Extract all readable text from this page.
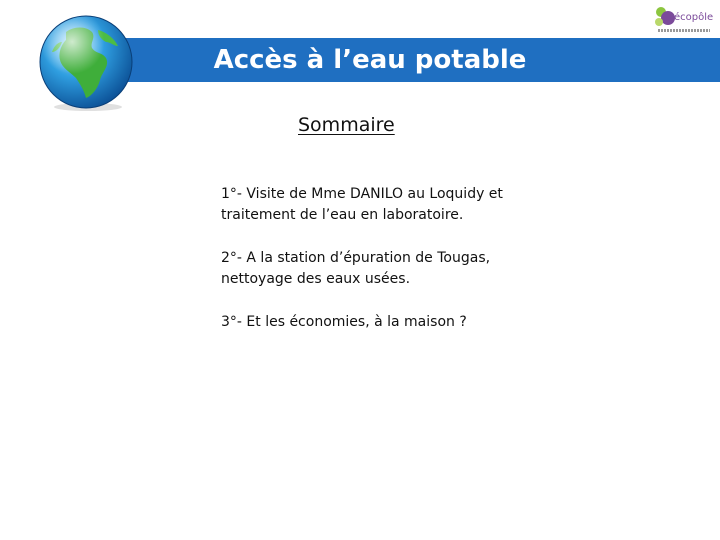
Accès à l’eau potable
écopôle
Sommaire
1°- Visite de Mme DANILO au Loquidy et
traitement de l’eau en laboratoire.
2°- A la station d’épuration de Tougas,
nettoyage des eaux usées.
3°- Et les économies, à la maison ?
